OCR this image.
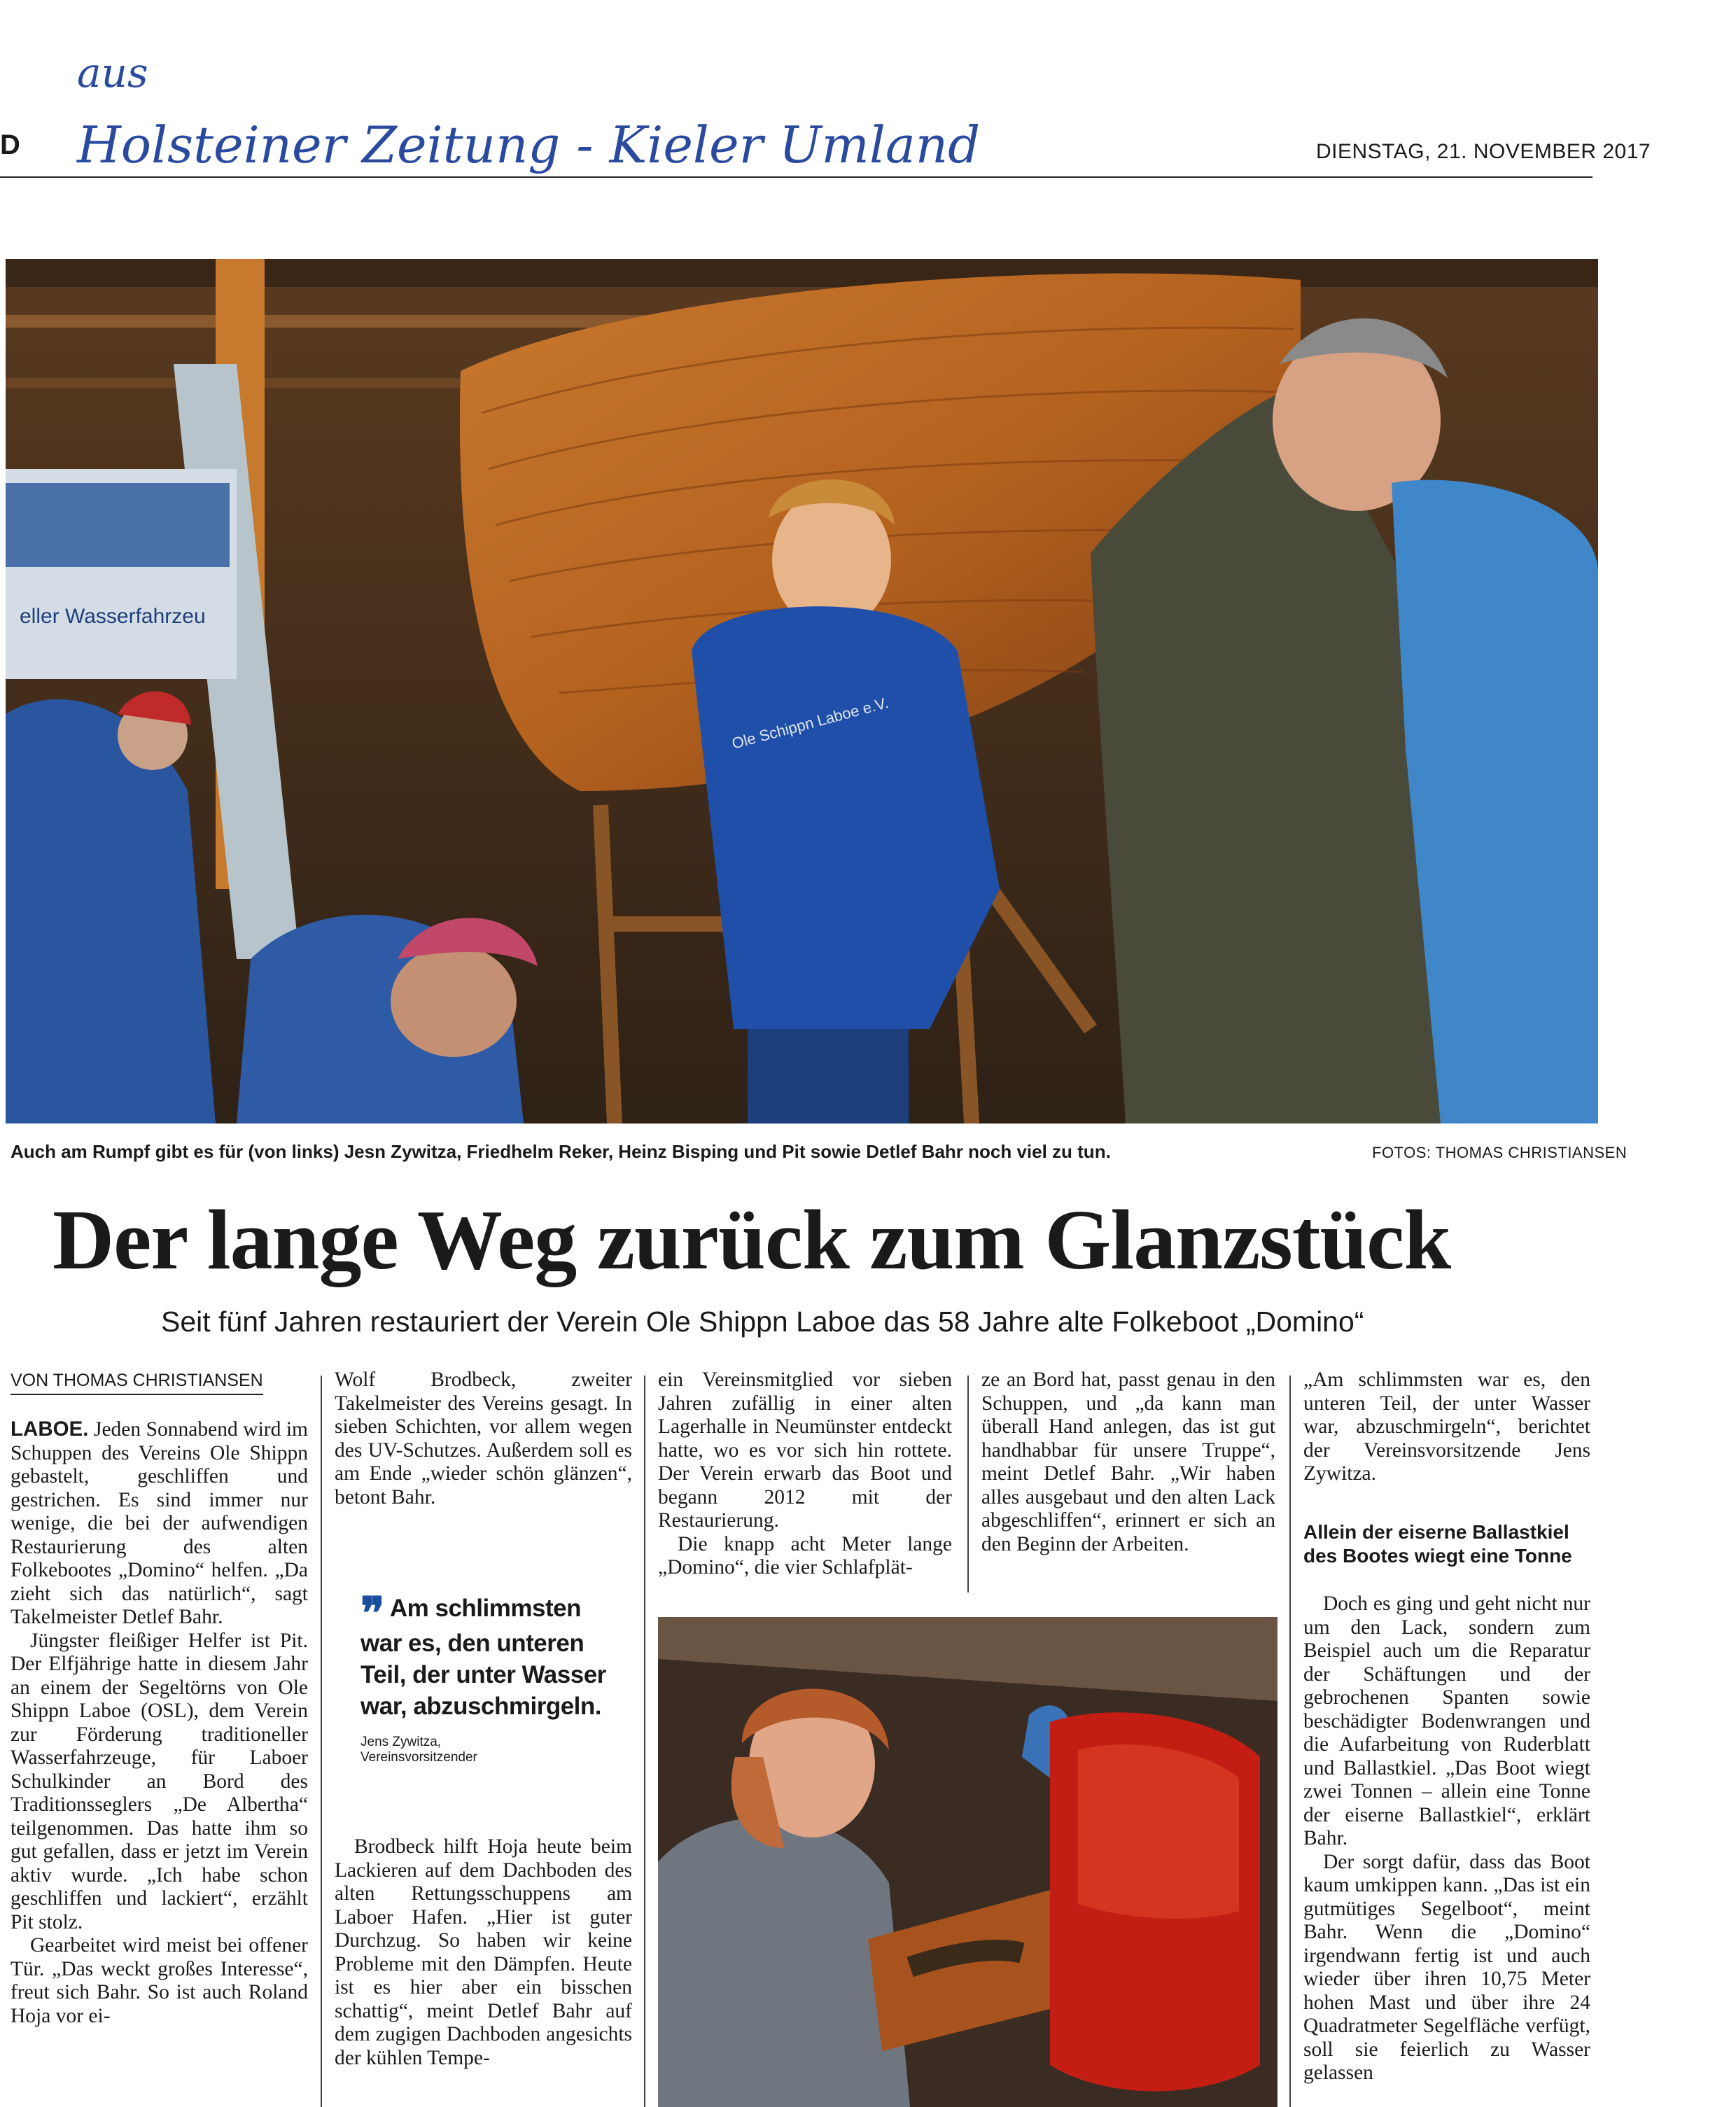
D
aus
Holsteiner Zeitung - Kieler Umland	DIENSTAG, 21. NOVEMBER 2017
eller Wasserfahrzeu
Ole Schippn Laboe e.V.
Auch am Rumpf gibt es für (von links) Jesn Zywitza, Friedhelm Reker, Heinz Bisping und Pit sowie Detlef Bahr noch viel zu tun.	FOTOS: THOMAS CHRISTIANSEN
Der lange Weg zurück zum Glanzstück
Seit fünf Jahren restauriert der Verein Ole Shippn Laboe das 58 Jahre alte Folkeboot „Domino“
VON THOMAS CHRISTIANSEN

LABOE. Jeden Sonnabend wird im Schuppen des Vereins Ole Shippn gebastelt, geschliffen und gestrichen. Es sind immer nur wenige, die bei der aufwendigen Restaurierung des alten Folkebootes „Domino“ helfen. „Da zieht sich das natürlich“, sagt Takelmeister Detlef Bahr.

Jüngster fleißiger Helfer ist Pit. Der Elfjährige hatte in diesem Jahr an einem der Segeltörns von Ole Shippn Laboe (OSL), dem Verein zur Förderung traditioneller Wasserfahrzeuge, für Laboer Schulkinder an Bord des Traditionsseglers „De Albertha“ teilgenommen. Das hatte ihm so gut gefallen, dass er jetzt im Verein aktiv wurde. „Ich habe schon geschliffen und lackiert“, erzählt Pit stolz.

Gearbeitet wird meist bei offener Tür. „Das weckt großes Interesse“, freut sich Bahr. So ist auch Roland Hoja vor ei-

Wolf Brodbeck, zweiter Takelmeister des Vereins gesagt. In sieben Schichten, vor allem wegen des UV-Schutzes. Außerdem soll es am Ende „wieder schön glänzen“, betont Bahr.

❞ Am schlimmsten war es, den unteren Teil, der unter Wasser war, abzuschmirgeln.
Jens Zywitza,
Vereinsvorsitzender

Brodbeck hilft Hoja heute beim Lackieren auf dem Dachboden des alten Rettungsschuppens am Laboer Hafen. „Hier ist guter Durchzug. So haben wir keine Probleme mit den Dämpfen. Heute ist es hier aber ein bisschen schattig“, meint Detlef Bahr auf dem zugigen Dachboden angesichts der kühlen Tempe-

ein Vereinsmitglied vor sieben Jahren zufällig in einer alten Lagerhalle in Neumünster entdeckt hatte, wo es vor sich hin rottete. Der Verein erwarb das Boot und begann 2012 mit der Restaurierung.

Die knapp acht Meter lange „Domino“, die vier Schlafplät-

ze an Bord hat, passt genau in den Schuppen, und „da kann man überall Hand anlegen, das ist gut handhabbar für unsere Truppe“, meint Detlef Bahr. „Wir haben alles ausgebaut und den alten Lack abgeschliffen“, erinnert er sich an den Beginn der Arbeiten.

„Am schlimmsten war es, den unteren Teil, der unter Wasser war, abzuschmirgeln“, berichtet der Vereinsvorsitzende Jens Zywitza.

Allein der eiserne Ballastkiel des Bootes wiegt eine Tonne

Doch es ging und geht nicht nur um den Lack, sondern zum Beispiel auch um die Reparatur der Schäftungen und der gebrochenen Spanten sowie beschädigter Bodenwrangen und die Aufarbeitung von Ruderblatt und Ballastkiel. „Das Boot wiegt zwei Tonnen – allein eine Tonne der eiserne Ballastkiel“, erklärt Bahr.

Der sorgt dafür, dass das Boot kaum umkippen kann. „Das ist ein gutmütiges Segelboot“, meint Bahr. Wenn die „Domino“ irgendwann fertig ist und auch wieder über ihren 10,75 Meter hohen Mast und über ihre 24 Quadratmeter Segelfläche verfügt, soll sie feierlich zu Wasser gelassen
